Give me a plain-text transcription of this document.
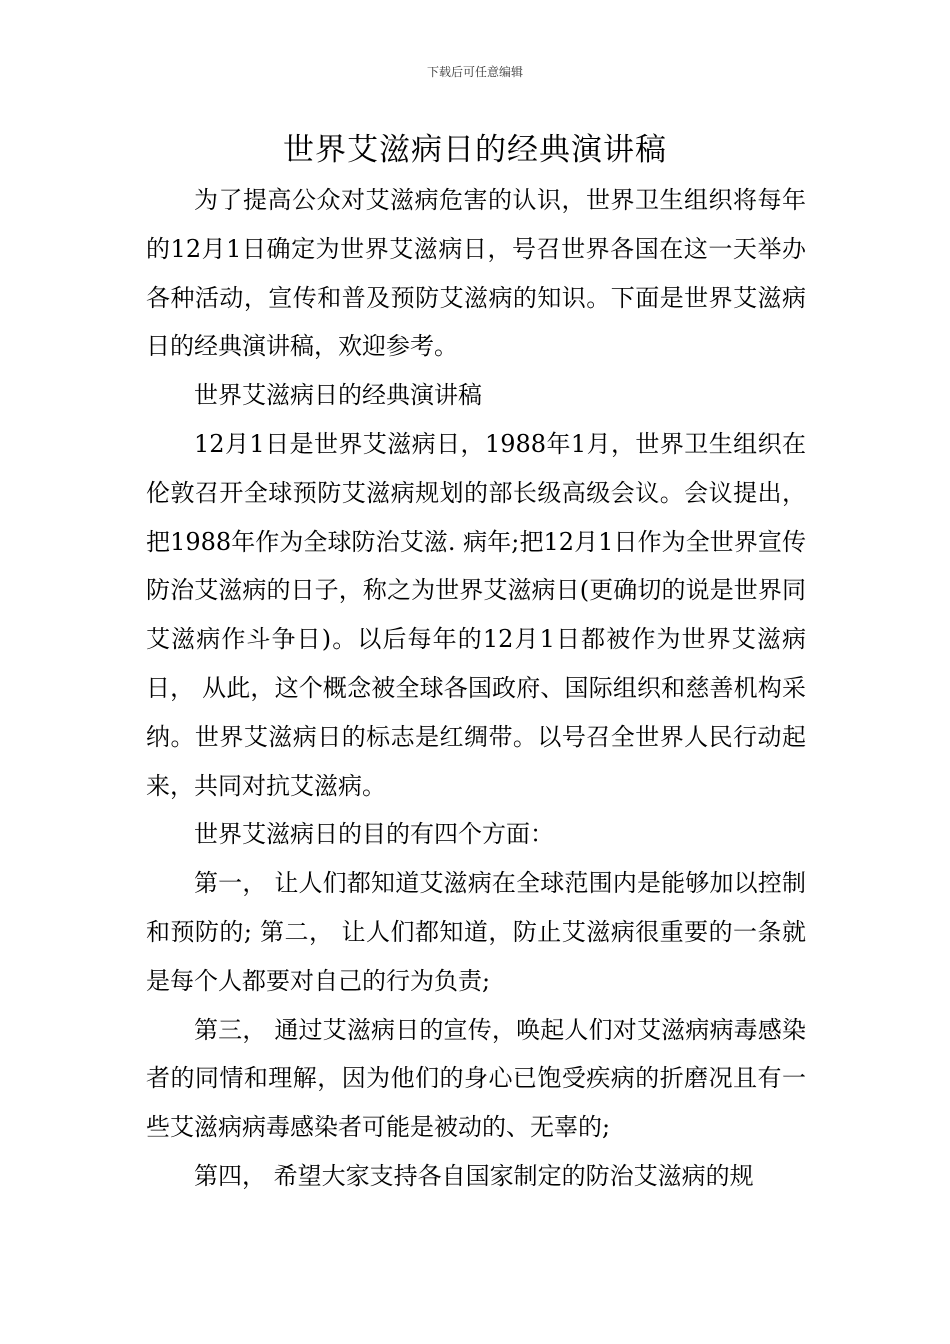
下载后可任意编辑
世界艾滋病日的经典演讲稿

为了提高公众对艾滋病危害的认识，世界卫生组织将每年的12月1日确定为世界艾滋病日，号召世界各国在这一天举办各种活动，宣传和普及预防艾滋病的知识。下面是世界艾滋病日的经典演讲稿，欢迎参考。

世界艾滋病日的经典演讲稿

12月1日是世界艾滋病日，1988年1月，世界卫生组织在伦敦召开全球预防艾滋病规划的部长级高级会议。会议提出，把1988年作为全球防治艾滋. 病年;把12月1日作为全世界宣传防治艾滋病的日子，称之为世界艾滋病日(更确切的说是世界同艾滋病作斗争日)。以后每年的12月1日都被作为世界艾滋病日， 从此，这个概念被全球各国政府、国际组织和慈善机构采纳。世界艾滋病日的标志是红绸带。以号召全世界人民行动起来，共同对抗艾滋病。

世界艾滋病日的目的有四个方面：

第一， 让人们都知道艾滋病在全球范围内是能够加以控制和预防的; 第二， 让人们都知道，防止艾滋病很重要的一条就是每个人都要对自己的行为负责;

第三， 通过艾滋病日的宣传，唤起人们对艾滋病病毒感染者的同情和理解，因为他们的身心已饱受疾病的折磨况且有一些艾滋病病毒感染者可能是被动的、无辜的;

第四， 希望大家支持各自国家制定的防治艾滋病的规
